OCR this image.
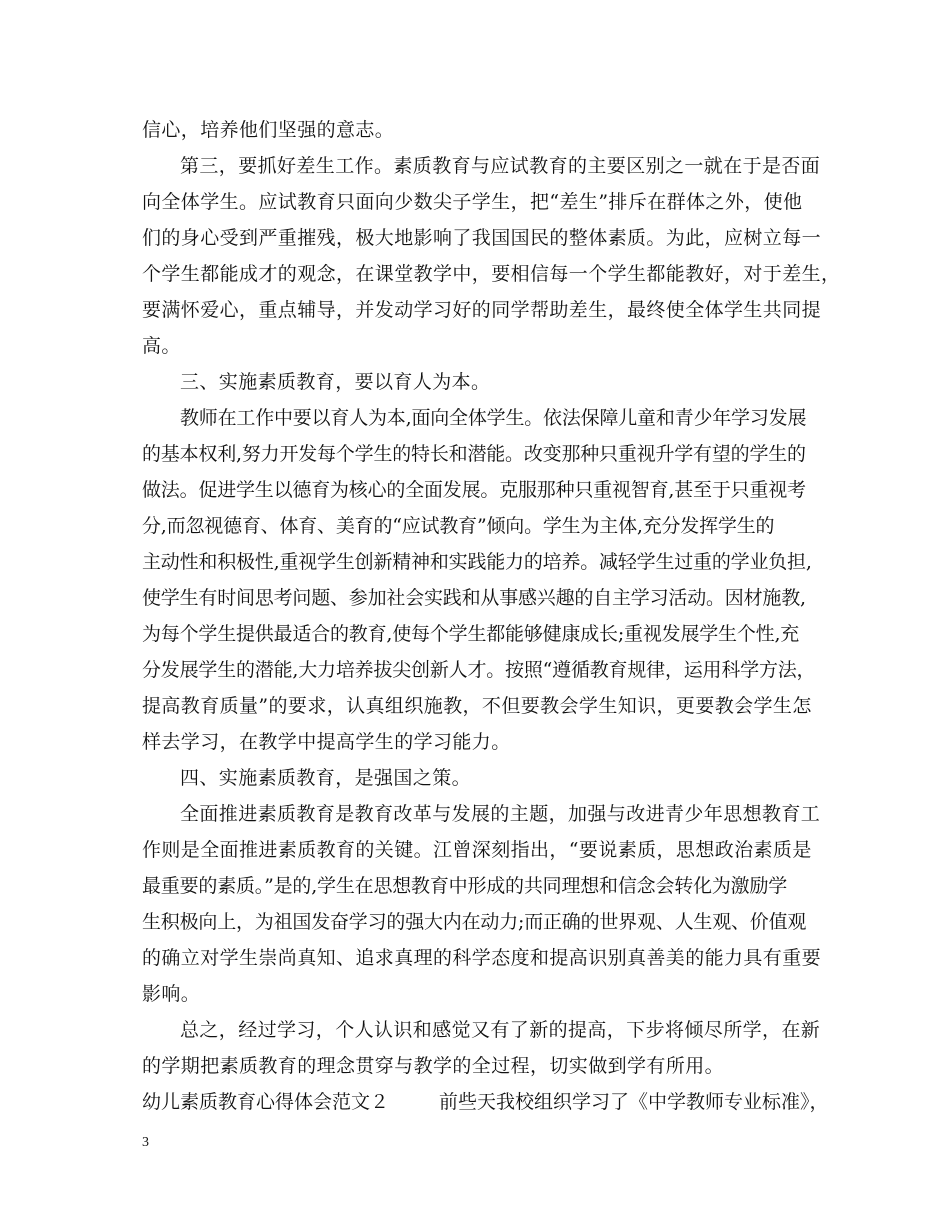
信心，培养他们坚强的意志。
第三，要抓好差生工作。素质教育与应试教育的主要区别之一就在于是否面
向全体学生。应试教育只面向少数尖子学生，把“差生”排斥在群体之外，使他
们的身心受到严重摧残，极大地影响了我国国民的整体素质。为此，应树立每一
个学生都能成才的观念，在课堂教学中，要相信每一个学生都能教好，对于差生，
要满怀爱心，重点辅导，并发动学习好的同学帮助差生，最终使全体学生共同提
高。
三、实施素质教育，要以育人为本。
教师在工作中要以育人为本,面向全体学生。依法保障儿童和青少年学习发展
的基本权利,努力开发每个学生的特长和潜能。改变那种只重视升学有望的学生的
做法。促进学生以德育为核心的全面发展。克服那种只重视智育,甚至于只重视考
分,而忽视德育、体育、美育的“应试教育”倾向。学生为主体,充分发挥学生的
主动性和积极性,重视学生创新精神和实践能力的培养。减轻学生过重的学业负担,
使学生有时间思考问题、参加社会实践和从事感兴趣的自主学习活动。因材施教,
为每个学生提供最适合的教育,使每个学生都能够健康成长;重视发展学生个性,充
分发展学生的潜能,大力培养拔尖创新人才。按照“遵循教育规律，运用科学方法，
提高教育质量”的要求，认真组织施教，不但要教会学生知识，更要教会学生怎
样去学习，在教学中提高学生的学习能力。
四、实施素质教育，是强国之策。
全面推进素质教育是教育改革与发展的主题，加强与改进青少年思想教育工
作则是全面推进素质教育的关键。江曾深刻指出，“要说素质，思想政治素质是
最重要的素质。”是的,学生在思想教育中形成的共同理想和信念会转化为激励学
生积极向上，为祖国发奋学习的强大内在动力;而正确的世界观、人生观、价值观
的确立对学生崇尚真知、追求真理的科学态度和提高识别真善美的能力具有重要
影响。
总之，经过学习，个人认识和感觉又有了新的提高，下步将倾尽所学，在新
的学期把素质教育的理念贯穿与教学的全过程，切实做到学有所用。
幼儿素质教育心得体会范文２	前些天我校组织学习了《中学教师专业标准》，
3
